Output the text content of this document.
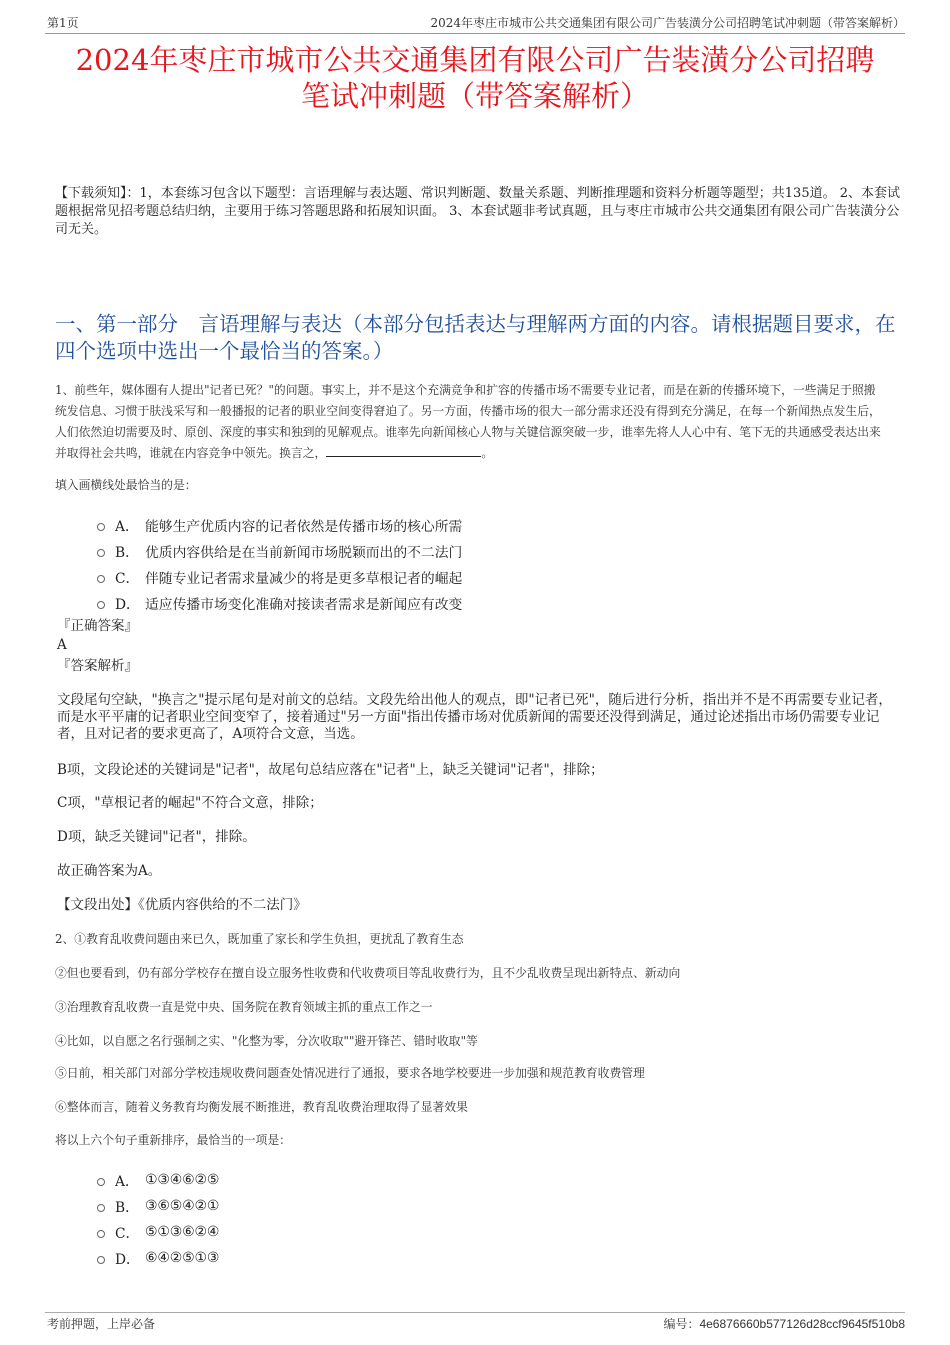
第1页	2024年枣庄市城市公共交通集团有限公司广告装潢分公司招聘笔试冲刺题（带答案解析）
2024年枣庄市城市公共交通集团有限公司广告装潢分公司招聘
笔试冲刺题（带答案解析）
【下载须知】：1，本套练习包含以下题型：言语理解与表达题、常识判断题、数量关系题、判断推理题和资料分析题等题型；共135道。 2、本套试题根据常见招考题总结归纳，主要用于练习答题思路和拓展知识面。 3、本套试题非考试真题，且与枣庄市城市公共交通集团有限公司广告装潢分公司无关。
一、第一部分　言语理解与表达（本部分包括表达与理解两方面的内容。请根据题目要求，在四个选项中选出一个最恰当的答案。）
1、前些年，媒体圈有人提出"记者已死？"的问题。事实上，并不是这个充满竞争和扩容的传播市场不需要专业记者，而是在新的传播环境下，一些满足于照搬统发信息、习惯于肤浅采写和一般播报的记者的职业空间变得窘迫了。另一方面，传播市场的很大一部分需求还没有得到充分满足，在每一个新闻热点发生后，人们依然迫切需要及时、原创、深度的事实和独到的见解观点。谁率先向新闻核心人物与关键信源突破一步，谁率先将人人心中有、笔下无的共通感受表达出来并取得社会共鸣，谁就在内容竞争中领先。换言之，	。
填入画横线处最恰当的是：
A． 能够生产优质内容的记者依然是传播市场的核心所需
B． 优质内容供给是在当前新闻市场脱颖而出的不二法门
C． 伴随专业记者需求量减少的将是更多草根记者的崛起
D． 适应传播市场变化准确对接读者需求是新闻应有改变
『正确答案』
A
『答案解析』
文段尾句空缺，"换言之"提示尾句是对前文的总结。文段先给出他人的观点，即"记者已死"，随后进行分析，指出并不是不再需要专业记者，而是水平平庸的记者职业空间变窄了，接着通过"另一方面"指出传播市场对优质新闻的需要还没得到满足，通过论述指出市场仍需要专业记者，且对记者的要求更高了，A项符合文意，当选。
B项，文段论述的关键词是"记者"，故尾句总结应落在"记者"上，缺乏关键词"记者"，排除；
C项，"草根记者的崛起"不符合文意，排除；
D项，缺乏关键词"记者"，排除。
故正确答案为A。
【文段出处】《优质内容供给的不二法门》
2、①教育乱收费问题由来已久，既加重了家长和学生负担，更扰乱了教育生态
②但也要看到，仍有部分学校存在擅自设立服务性收费和代收费项目等乱收费行为，且不少乱收费呈现出新特点、新动向
③治理教育乱收费一直是党中央、国务院在教育领域主抓的重点工作之一
④比如，以自愿之名行强制之实、"化整为零，分次收取""避开锋芒、错时收取"等
⑤日前，相关部门对部分学校违规收费问题查处情况进行了通报，要求各地学校要进一步加强和规范教育收费管理
⑥整体而言，随着义务教育均衡发展不断推进，教育乱收费治理取得了显著效果
将以上六个句子重新排序，最恰当的一项是：
A． ①③④⑥②⑤
B． ③⑥⑤④②①
C． ⑤①③⑥②④
D． ⑥④②⑤①③
考前押题，上岸必备	编号：4e6876660b577126d28ccf9645f510b8
